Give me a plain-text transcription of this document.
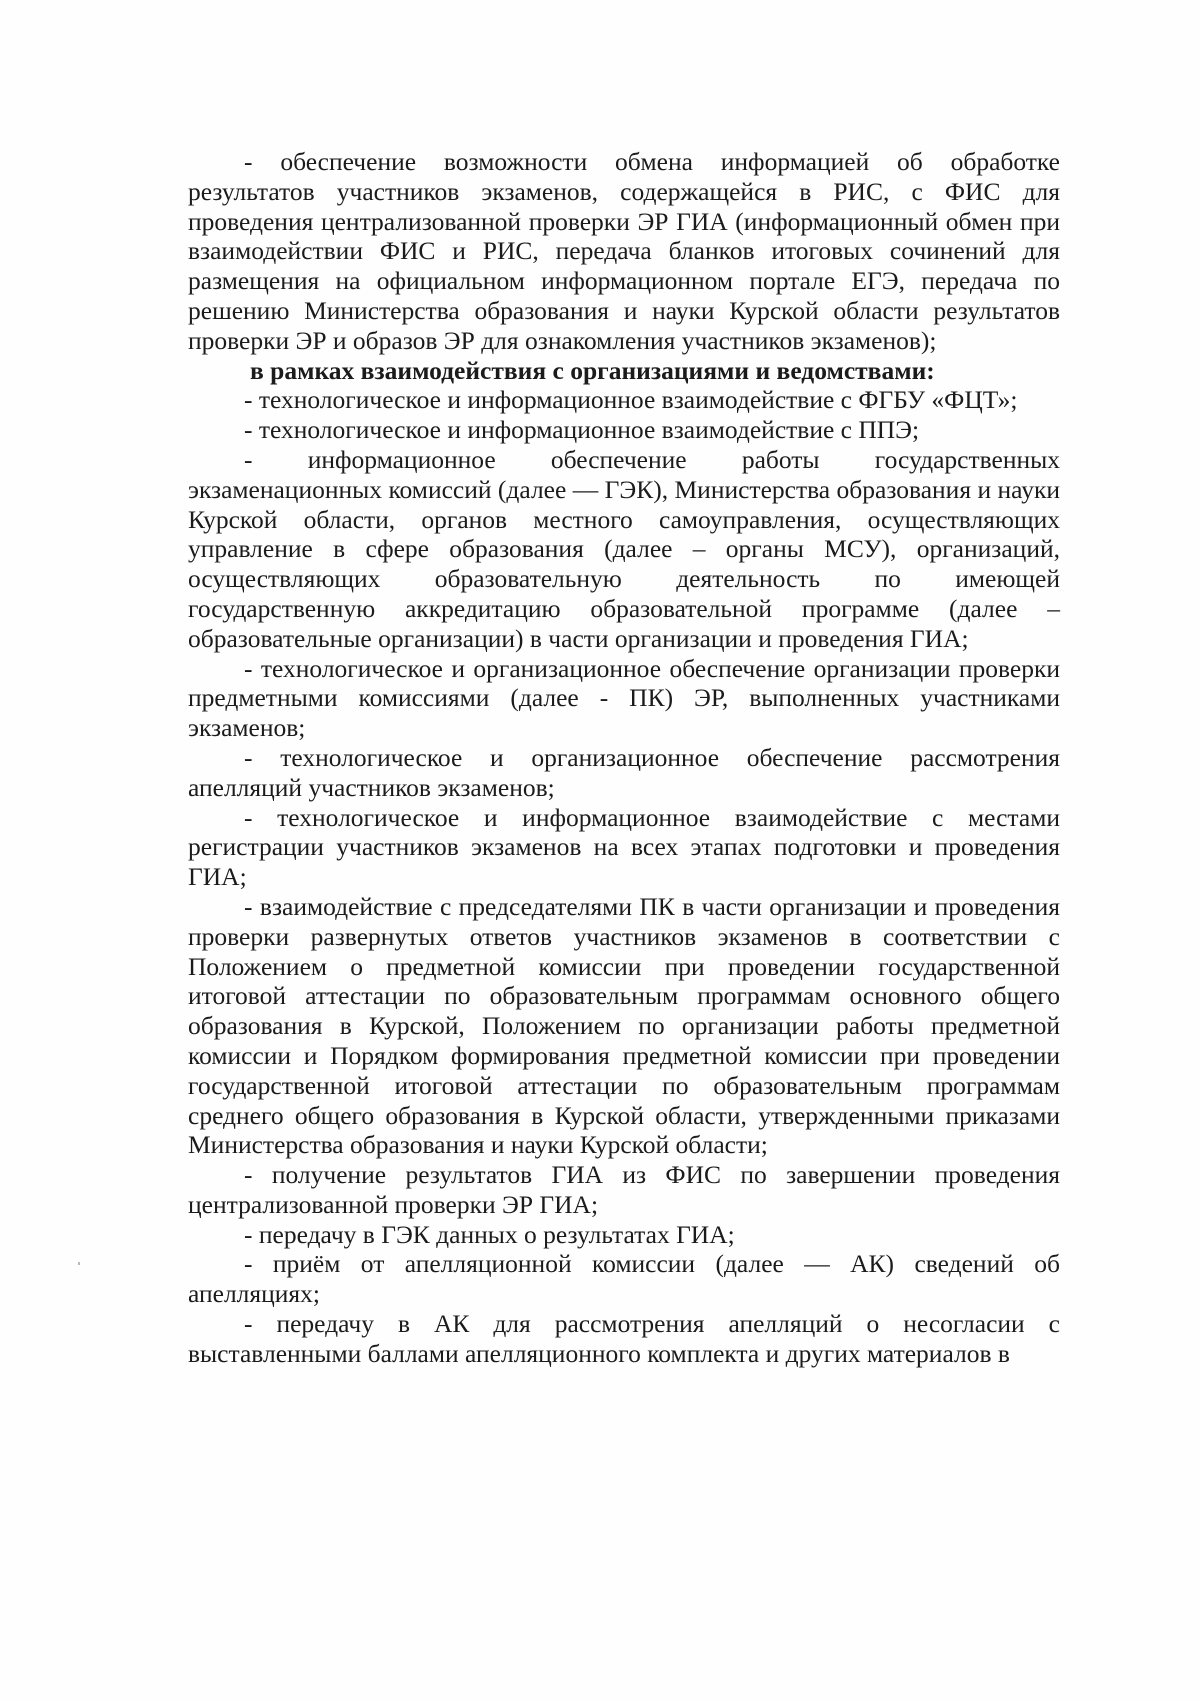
- обеспечение возможности обмена информацией об обработке результатов участников экзаменов, содержащейся в РИС, с ФИС для проведения централизованной проверки ЭР ГИА (информационный обмен при взаимодействии ФИС и РИС, передача бланков итоговых сочинений для размещения на официальном информационном портале ЕГЭ, передача по решению Министерства образования и науки Курской области результатов проверки ЭР и образов ЭР для ознакомления участников экзаменов);

в рамках взаимодействия с организациями и ведомствами:

- технологическое и информационное взаимодействие с ФГБУ «ФЦТ»;

- технологическое и информационное взаимодействие с ППЭ;

- информационное обеспечение работы государственных экзаменационных комиссий (далее — ГЭК), Министерства образования и науки Курской области, органов местного самоуправления, осуществляющих управление в сфере образования (далее – органы МСУ), организаций, осуществляющих образовательную деятельность по имеющей государственную аккредитацию образовательной программе (далее – образовательные организации) в части организации и проведения ГИА;

- технологическое и организационное обеспечение организации проверки предметными комиссиями (далее - ПК) ЭР, выполненных участниками экзаменов;

- технологическое и организационное обеспечение рассмотрения апелляций участников экзаменов;

- технологическое и информационное взаимодействие с местами регистрации участников экзаменов на всех этапах подготовки и проведения ГИА;

- взаимодействие с председателями ПК в части организации и проведения проверки развернутых ответов участников экзаменов в соответствии с Положением о предметной комиссии при проведении государственной итоговой аттестации по образовательным программам основного общего образования в Курской, Положением по организации работы предметной комиссии и Порядком формирования предметной комиссии при проведении государственной итоговой аттестации по образовательным программам среднего общего образования в Курской области, утвержденными приказами Министерства образования и науки Курской области;

- получение результатов ГИА из ФИС по завершении проведения централизованной проверки ЭР ГИА;

- передачу в ГЭК данных о результатах ГИА;

- приём от апелляционной комиссии (далее — АК) сведений об апелляциях;

- передачу в АК для рассмотрения апелляций о несогласии с выставленными баллами апелляционного комплекта и других материалов в
